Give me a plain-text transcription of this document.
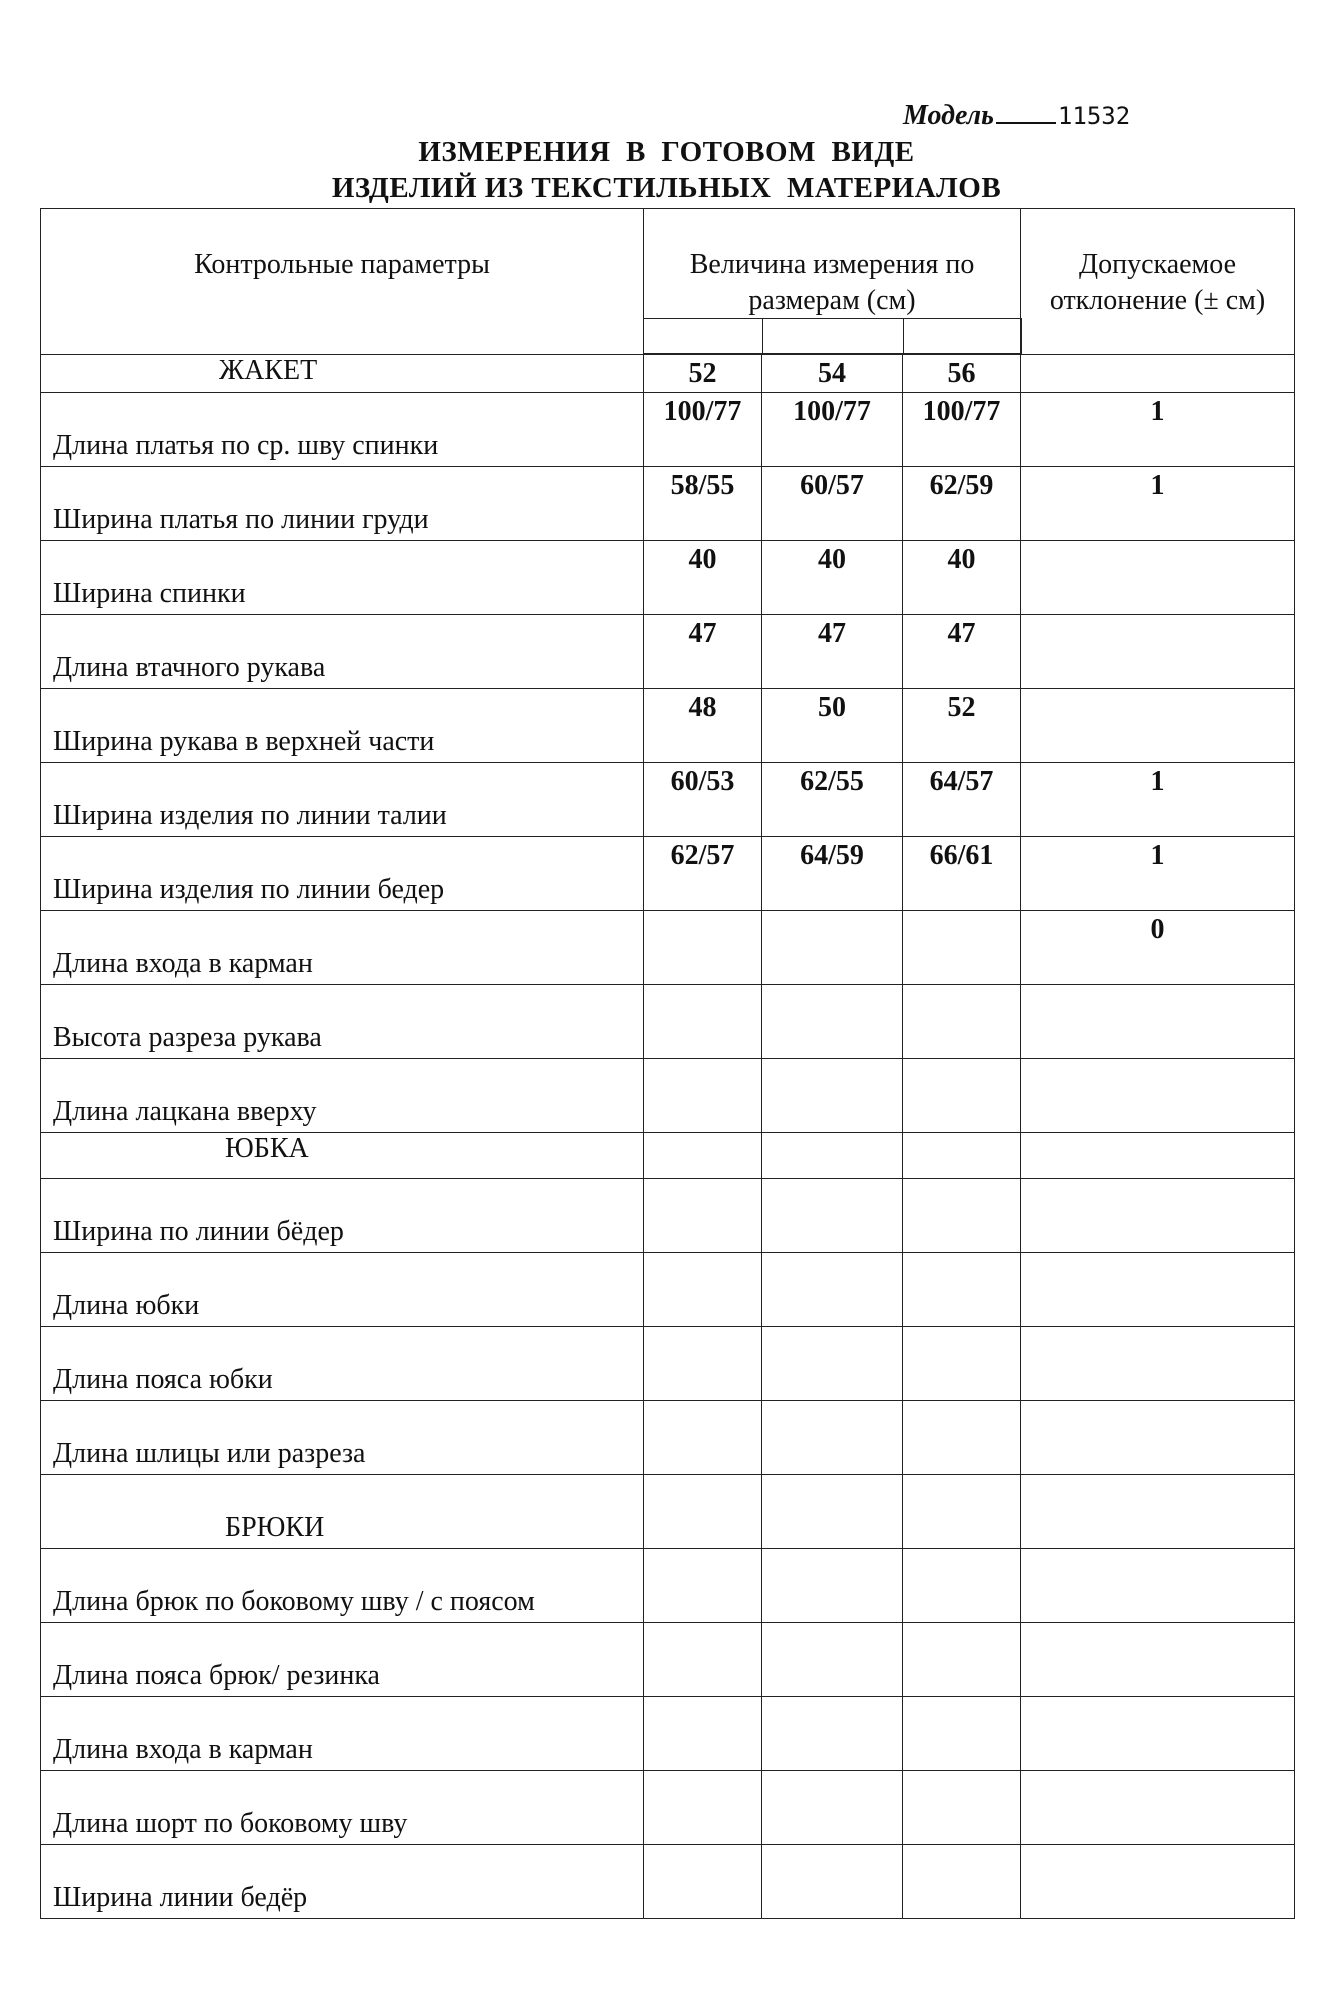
Модель	11532
ИЗМЕРЕНИЯ  В  ГОТОВОМ  ВИДЕ
ИЗДЕЛИЙ ИЗ ТЕКСТИЛЬНЫХ  МАТЕРИАЛОВ
Контрольные параметры	Величина измерения по
размерам (см)

	Допускаемое
отклонение (± см)
ЖАКЕТ	52	54	56	
Длина платья по ср. шву спинки	100/77	100/77	100/77	1
Ширина платья по линии груди	58/55	60/57	62/59	1
Ширина спинки	40	40	40	
Длина втачного рукава	47	47	47	
Ширина рукава в верхней части	48	50	52	
Ширина изделия по линии талии	60/53	62/55	64/57	1
Ширина изделия по линии бедер	62/57	64/59	66/61	1
Длина входа в карман				0
Высота разреза рукава				
Длина лацкана вверху				
ЮБКА				
Ширина по линии бёдер				
Длина юбки				
Длина пояса юбки				
Длина шлицы или разреза				
БРЮКИ				
Длина брюк по боковому шву / с поясом				
Длина пояса брюк/ резинка				
Длина входа в карман				
Длина шорт по боковому шву				
Ширина линии бедёр				
